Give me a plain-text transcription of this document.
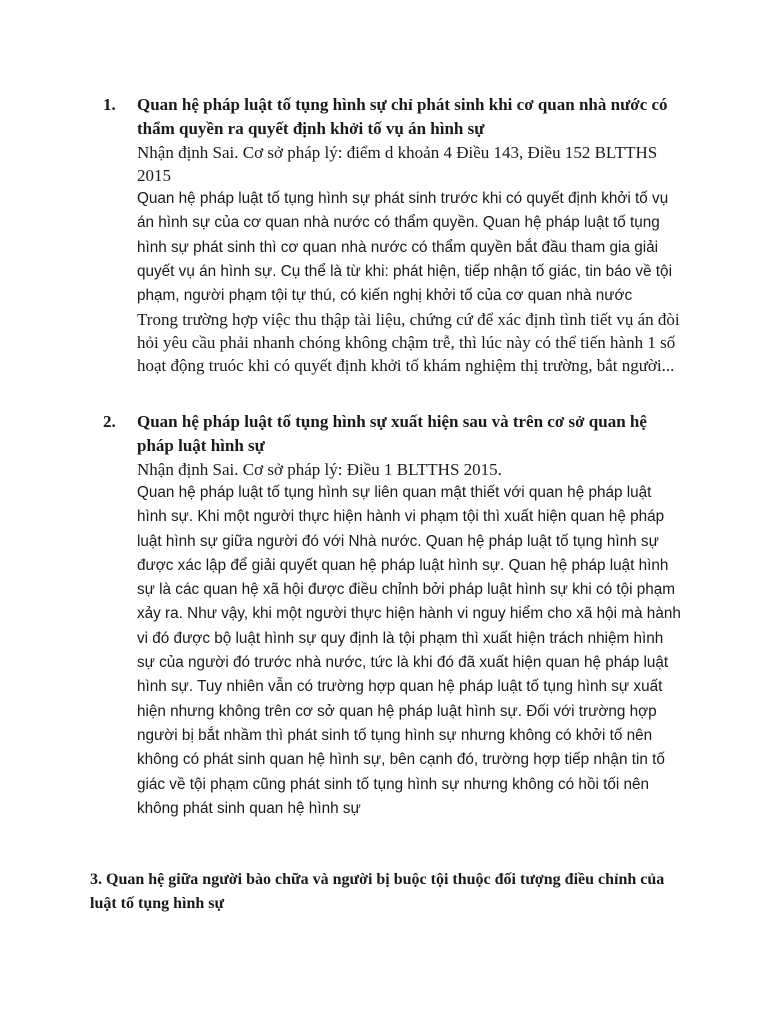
1.	Quan hệ pháp luật tố tụng hình sự chỉ phát sinh khi cơ quan nhà nước có thẩm quyền ra quyết định khởi tố vụ án hình sự

Nhận định Sai. Cơ sở pháp lý: điểm d khoản 4 Điều 143, Điều 152 BLTTHS 2015

Quan hệ pháp luật tố tụng hình sự phát sinh trước khi có quyết định khởi tố vụ án hình sự của cơ quan nhà nước có thẩm quyền. Quan hệ pháp luật tố tụng hình sự phát sinh thì cơ quan nhà nước có thẩm quyền bắt đầu tham gia giải quyết vụ án hình sự. Cụ thể là từ khi: phát hiện, tiếp nhận tố giác, tin báo về tội phạm, người phạm tội tự thú, có kiến nghị khởi tố của cơ quan nhà nước

Trong trường hợp việc thu thập tài liệu, chứng cứ để xác định tình tiết vụ án đòi hỏi yêu cầu phải nhanh chóng không chậm trễ, thì lúc này có thể tiến hành 1 số hoạt động truóc khi có quyết định khởi tố khám nghiệm thị trường, bắt người...

2.	Quan hệ pháp luật tố tụng hình sự xuất hiện sau và trên cơ sở quan hệ pháp luật hình sự

Nhận định Sai. Cơ sở pháp lý: Điều 1 BLTTHS 2015.

Quan hệ pháp luật tố tụng hình sự liên quan mật thiết với quan hệ pháp luật hình sự. Khi một người thực hiện hành vi phạm tội thì xuất hiện quan hệ pháp luật hình sự giữa người đó với Nhà nước. Quan hệ pháp luật tố tụng hình sự được xác lập để giải quyết quan hệ pháp luật hình sự. Quan hệ pháp luật hình sự là các quan hệ xã hội được điều chỉnh bởi pháp luật hình sự khi có tội phạm xảy ra. Như vậy, khi một người thực hiện hành vi nguy hiểm cho xã hội mà hành vi đó được bộ luật hình sự quy định là tội phạm thì xuất hiện trách nhiệm hình sự của người đó trước nhà nước, tức là khi đó đã xuất hiện quan hệ pháp luật hình sự. Tuy nhiên vẫn có trường hợp quan hệ pháp luật tố tụng hình sự xuất hiện nhưng không trên cơ sở quan hệ pháp luật hình sự. Đối với trường hợp người bị bắt nhầm thì phát sinh tố tụng hình sự nhưng không có khởi tố nên không có phát sinh quan hệ hình sự, bên cạnh đó, trường hợp tiếp nhận tin tố giác về tội phạm cũng phát sinh tố tụng hình sự nhưng không có hồi tối nên không phát sinh quan hệ hình sự

3. Quan hệ giữa người bào chữa và người bị buộc tội thuộc đối tượng điều chỉnh của luật tố tụng hình sự
